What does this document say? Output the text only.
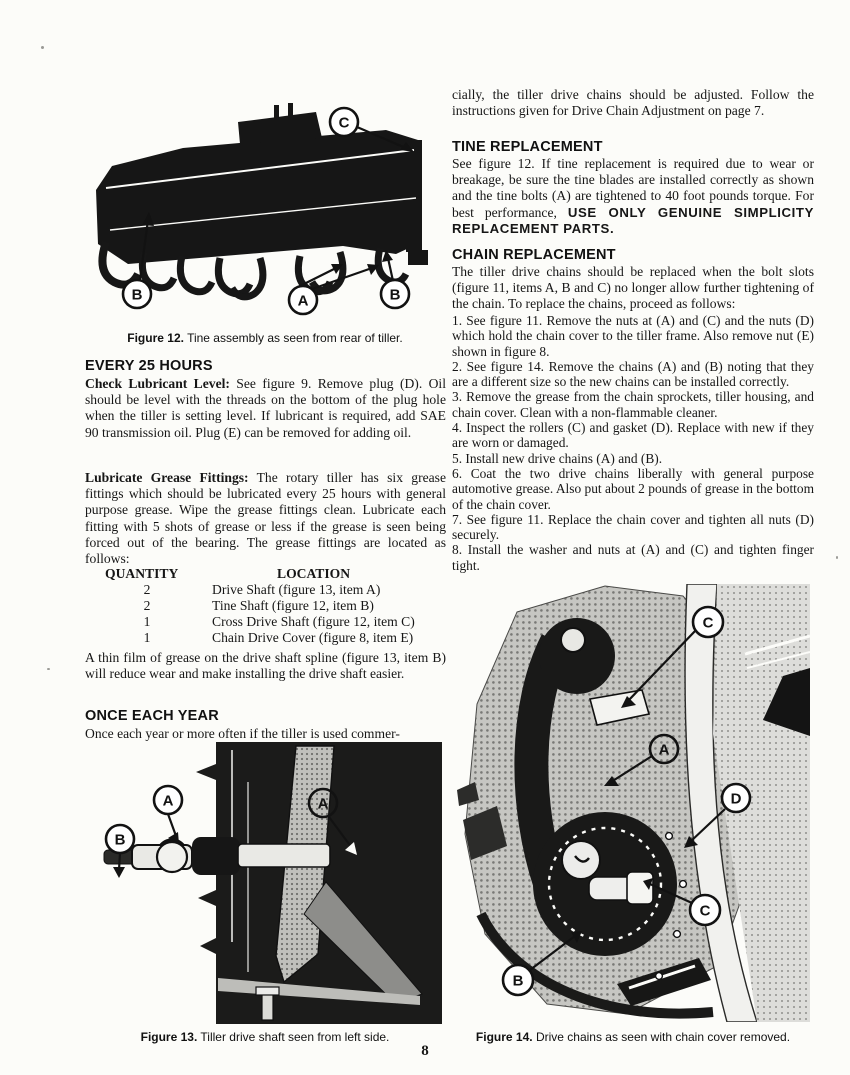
C
B	A	B
Figure 12. Tine assembly as seen from rear of tiller.
EVERY 25 HOURS
Check Lubricant Level: See figure 9. Remove plug (D). Oil should be level with the threads on the bottom of the plug hole when the tiller is setting level. If lubricant is required, add SAE 90 transmission oil. Plug (E) can be removed for adding oil.
Lubricate Grease Fittings: The rotary tiller has six grease fittings which should be lubricated every 25 hours with general purpose grease. Wipe the grease fittings clean. Lubricate each fitting with 5 shots of grease or less if the grease is seen being forced out of the bearing. The grease fittings are located as follows:
QUANTITY	LOCATION
2	Drive Shaft (figure 13, item A)
2	Tine Shaft (figure 12, item B)
1	Cross Drive Shaft (figure 12, item C)
1	Chain Drive Cover (figure 8, item E)
A thin film of grease on the drive shaft spline (figure 13, item B) will reduce wear and make installing the drive shaft easier.
ONCE EACH YEAR
Once each year or more often if the tiller is used commer-
A
B
A
Figure 13. Tiller drive shaft seen from left side.
cially, the tiller drive chains should be adjusted. Follow the instructions given for Drive Chain Adjustment on page 7.
TINE REPLACEMENT
See figure 12. If tine replacement is required due to wear or breakage, be sure the tine blades are installed correctly as shown and the tine bolts (A) are tightened to 40 foot pounds torque. For best performance, USE ONLY GENUINE SIMPLICITY REPLACEMENT PARTS.
CHAIN REPLACEMENT
The tiller drive chains should be replaced when the bolt slots (figure 11, items A, B and C) no longer allow further tightening of the chain. To replace the chains, proceed as follows:
1. See figure 11. Remove the nuts at (A) and (C) and the nuts (D) which hold the chain cover to the tiller frame. Also remove nut (E) shown in figure 8.
2. See figure 14. Remove the chains (A) and (B) noting that they are a different size so the new chains can be installed correctly.
3. Remove the grease from the chain sprockets, tiller housing, and chain cover. Clean with a non-flammable cleaner.
4. Inspect the rollers (C) and gasket (D). Replace with new if they are worn or damaged.
5. Install new drive chains (A) and (B).
6. Coat the two drive chains liberally with general purpose automotive grease. Also put about 2 pounds of grease in the bottom of the chain cover.
7. See figure 11. Replace the chain cover and tighten all nuts (D) securely.
8. Install the washer and nuts at (A) and (C) and tighten finger tight.
C
A
D
C
B
Figure 14. Drive chains as seen with chain cover removed.
8
